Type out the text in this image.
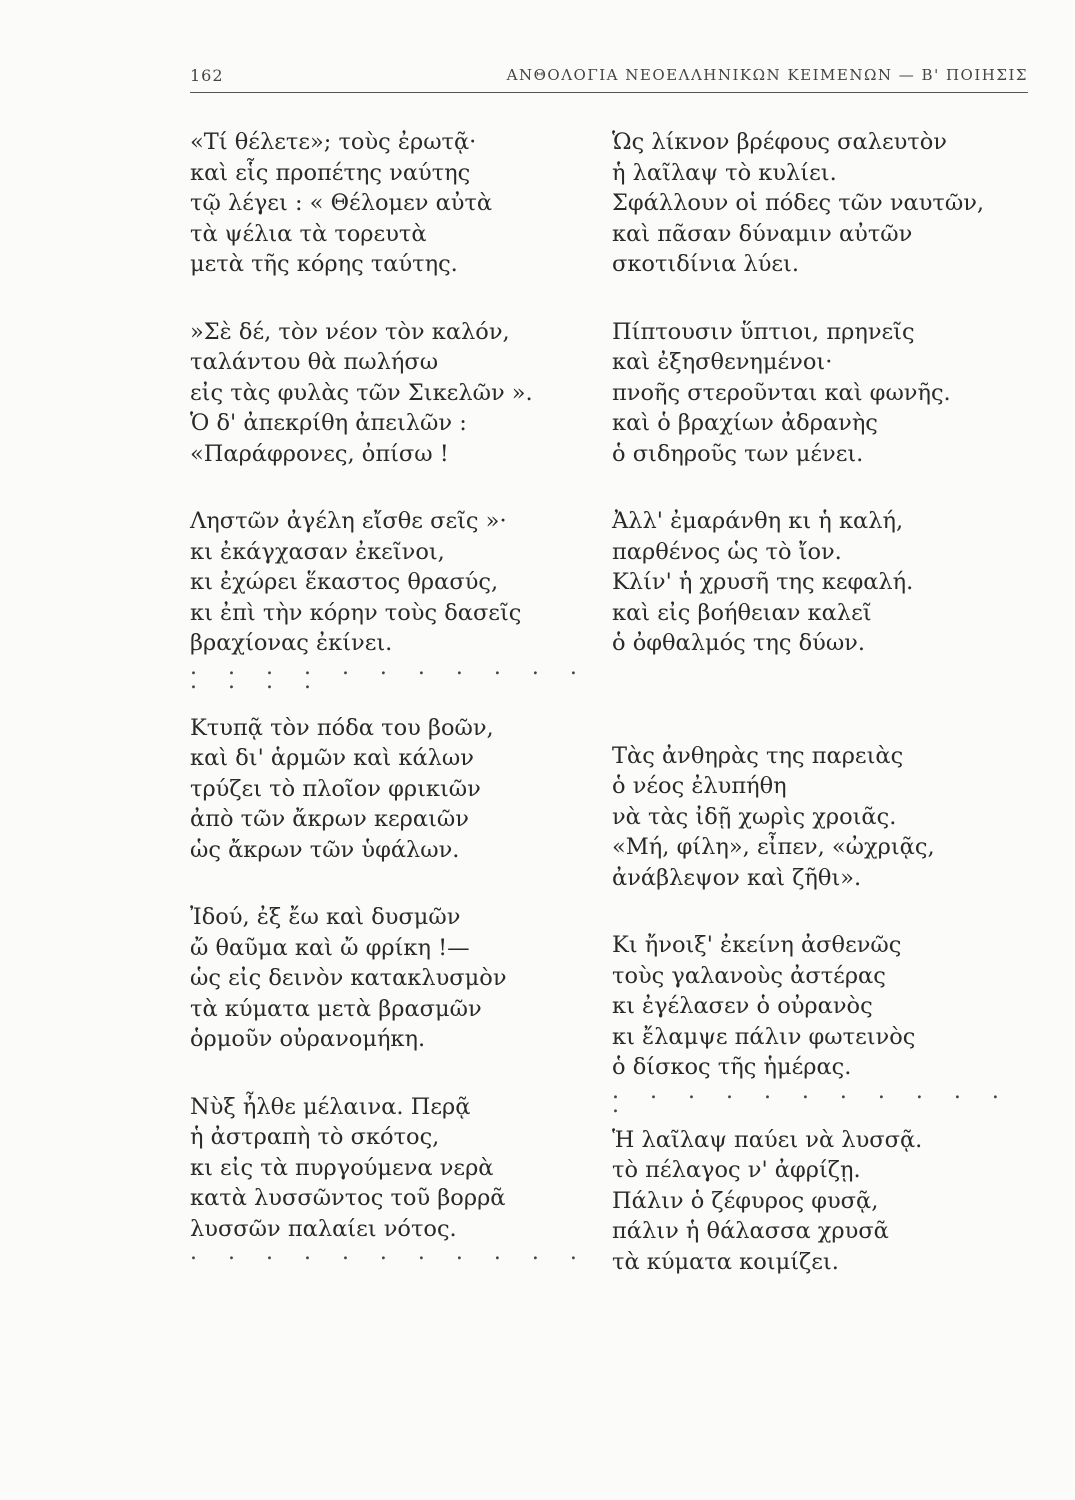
162	ΑΝΘΟΛΟΓΙΑ ΝΕΟΕΛΛΗΝΙΚΩΝ ΚΕΙΜΕΝΩΝ — Β' ΠΟΙΗΣΙΣ
«Τί θέλετε»; τοὺς ἐρωτᾷ·
καὶ εἷς προπέτης ναύτης
τῷ λέγει : « Θέλομεν αὐτὰ
τὰ ψέλια τὰ τορευτὰ
μετὰ τῆς κόρης ταύτης.
»Σὲ δέ, τὸν νέον τὸν καλόν,
ταλάντου θὰ πωλήσω
εἰς τὰς φυλὰς τῶν Σικελῶν ».
Ὁ δ' ἀπεκρίθη ἀπειλῶν :
«Παράφρονες, ὀπίσω !
Ληστῶν ἀγέλη εἴσθε σεῖς »·
κι ἐκάγχασαν ἐκεῖνοι,
κι ἐχώρει ἕκαστος θρασύς,
κι ἐπὶ τὴν κόρην τοὺς δασεῖς
βραχίονας ἐκίνει.
. . . . . . . . . . . . . . .
Κτυπᾷ τὸν πόδα του βοῶν,
καὶ δι' ἁρμῶν καὶ κάλων
τρύζει τὸ πλοῖον φρικιῶν
ἀπὸ τῶν ἄκρων κεραιῶν
ὡς ἄκρων τῶν ὑφάλων.
Ἰδού, ἐξ ἔω καὶ δυσμῶν
ὤ θαῦμα καὶ ὤ φρίκη !—
ὡς εἰς δεινὸν κατακλυσμὸν
τὰ κύματα μετὰ βρασμῶν
ὁρμοῦν οὐρανομήκη.
Νὺξ ἦλθε μέλαινα. Περᾷ
ἡ ἀστραπὴ τὸ σκότος,
κι εἰς τὰ πυργούμενα νερὰ
κατὰ λυσσῶντος τοῦ βορρᾶ
λυσσῶν παλαίει νότος.
. . . . . . . . . . .
Ὡς λίκνον βρέφους σαλευτὸν
ἡ λαῖλαψ τὸ κυλίει.
Σφάλλουν οἱ πόδες τῶν ναυτῶν,
καὶ πᾶσαν δύναμιν αὐτῶν
σκοτιδίνια λύει.
Πίπτουσιν ὕπτιοι, πρηνεῖς
καὶ ἐξησθενημένοι·
πνοῆς στεροῦνται καὶ φωνῆς.
καὶ ὁ βραχίων ἀδρανὴς
ὁ σιδηροῦς των μένει.
Ἀλλ' ἐμαράνθη κι ἡ καλή,
παρθένος ὡς τὸ ἴον.
Κλίν' ἡ χρυσῆ της κεφαλή.
καὶ εἰς βοήθειαν καλεῖ
ὁ ὀφθαλμός της δύων.
Τὰς ἀνθηρὰς της παρειὰς
ὁ νέος ἐλυπήθη
νὰ τὰς ἰδῇ χωρὶς χροιᾶς.
«Μή, φίλη», εἶπεν, «ὠχριᾷς,
ἀνάβλεψον καὶ ζῆθι».
Κι ἤνοιξ' ἐκείνη ἀσθενῶς
τοὺς γαλανοὺς ἀστέρας
κι ἐγέλασεν ὁ οὐρανὸς
κι ἔλαμψε πάλιν φωτεινὸς
ὁ δίσκος τῆς ἡμέρας.
. . . . . . . . . . . .
Ἡ λαῖλαψ παύει νὰ λυσσᾷ.
τὸ πέλαγος ν' ἀφρίζῃ.
Πάλιν ὁ ζέφυρος φυσᾷ,
πάλιν ἡ θάλασσα χρυσᾶ
τὰ κύματα κοιμίζει.
